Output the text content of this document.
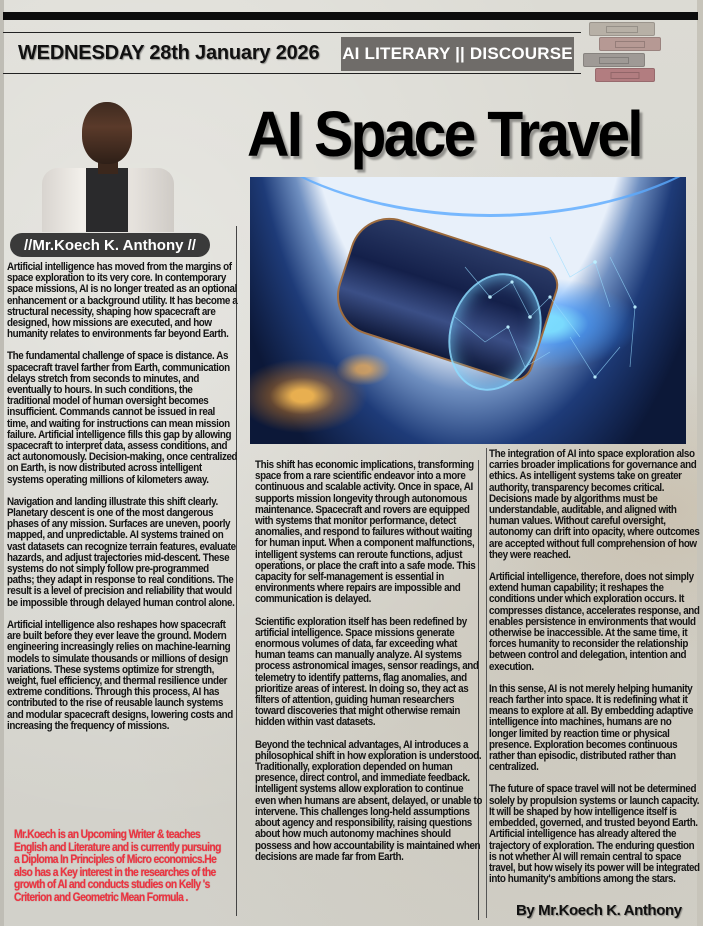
WEDNESDAY 28th January 2026 AI LITERARY || DISCOURSE
AI Space Travel
//Mr.Koech K. Anthony //

Artificial intelligence has moved from the margins of space exploration to its very core. In contemporary space missions, AI is no longer treated as an optional enhancement or a background utility. It has become a structural necessity, shaping how spacecraft are designed, how missions are executed, and how humanity relates to environments far beyond Earth.

The fundamental challenge of space is distance. As spacecraft travel farther from Earth, communication delays stretch from seconds to minutes, and eventually to hours. In such conditions, the traditional model of human oversight becomes insufficient. Commands cannot be issued in real time, and waiting for instructions can mean mission failure. Artificial intelligence fills this gap by allowing spacecraft to interpret data, assess conditions, and act autonomously. Decision-making, once centralized on Earth, is now distributed across intelligent systems operating millions of kilometers away.

Navigation and landing illustrate this shift clearly. Planetary descent is one of the most dangerous phases of any mission. Surfaces are uneven, poorly mapped, and unpredictable. AI systems trained on vast datasets can recognize terrain features, evaluate hazards, and adjust trajectories mid-descent. These systems do not simply follow pre-programmed paths; they adapt in response to real conditions. The result is a level of precision and reliability that would be impossible through delayed human control alone.

Artificial intelligence also reshapes how spacecraft are built before they ever leave the ground. Modern engineering increasingly relies on machine-learning models to simulate thousands or millions of design variations. These systems optimize for strength, weight, fuel efficiency, and thermal resilience under extreme conditions. Through this process, AI has contributed to the rise of reusable launch systems and modular spacecraft designs, lowering costs and increasing the frequency of missions.

Mr.Koech is an Upcoming Writer & teaches English and Literature and is currently pursuing a Diploma In Principles of Micro economics.He also has a Key interest in the researches of the growth of AI and conducts studies on Kelly 's Criterion and Geometric Mean Formula .

This shift has economic implications, transforming space from a rare scientific endeavor into a more continuous and scalable activity. Once in space, AI supports mission longevity through autonomous maintenance. Spacecraft and rovers are equipped with systems that monitor performance, detect anomalies, and respond to failures without waiting for human input. When a component malfunctions, intelligent systems can reroute functions, adjust operations, or place the craft into a safe mode. This capacity for self-management is essential in environments where repairs are impossible and communication is delayed.

Scientific exploration itself has been redefined by artificial intelligence. Space missions generate enormous volumes of data, far exceeding what human teams can manually analyze. AI systems process astronomical images, sensor readings, and telemetry to identify patterns, flag anomalies, and prioritize areas of interest. In doing so, they act as filters of attention, guiding human researchers toward discoveries that might otherwise remain hidden within vast datasets.

Beyond the technical advantages, AI introduces a philosophical shift in how exploration is understood. Traditionally, exploration depended on human presence, direct control, and immediate feedback. Intelligent systems allow exploration to continue even when humans are absent, delayed, or unable to intervene. This challenges long-held assumptions about agency and responsibility, raising questions about how much autonomy machines should possess and how accountability is maintained when decisions are made far from Earth.

The integration of AI into space exploration also carries broader implications for governance and ethics. As intelligent systems take on greater authority, transparency becomes critical. Decisions made by algorithms must be understandable, auditable, and aligned with human values. Without careful oversight, autonomy can drift into opacity, where outcomes are accepted without full comprehension of how they were reached.

Artificial intelligence, therefore, does not simply extend human capability; it reshapes the conditions under which exploration occurs. It compresses distance, accelerates response, and enables persistence in environments that would otherwise be inaccessible. At the same time, it forces humanity to reconsider the relationship between control and delegation, intention and execution.

In this sense, AI is not merely helping humanity reach farther into space. It is redefining what it means to explore at all. By embedding adaptive intelligence into machines, humans are no longer limited by reaction time or physical presence. Exploration becomes continuous rather than episodic, distributed rather than centralized.

The future of space travel will not be determined solely by propulsion systems or launch capacity. It will be shaped by how intelligence itself is embedded, governed, and trusted beyond Earth. Artificial intelligence has already altered the trajectory of exploration. The enduring question is not whether AI will remain central to space travel, but how wisely its power will be integrated into humanity's ambitions among the stars.

By Mr.Koech K. Anthony
